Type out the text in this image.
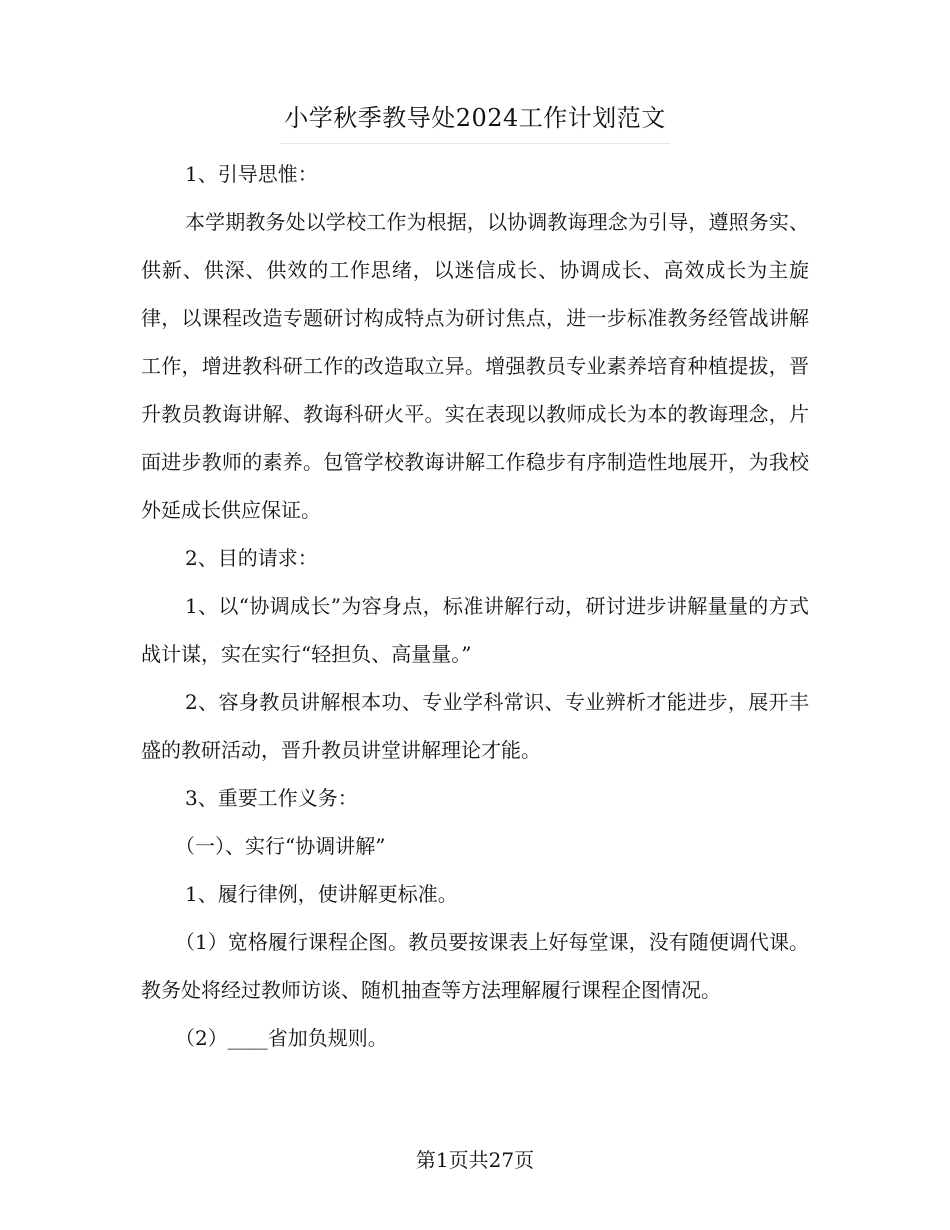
小学秋季教导处2024工作计划范文

1、引导思惟：

本学期教务处以学校工作为根据，以协调教诲理念为引导，遵照务实、供新、供深、供效的工作思绪，以迷信成长、协调成长、高效成长为主旋律，以课程改造专题研讨构成特点为研讨焦点，进一步标准教务经管战讲解工作，增进教科研工作的改造取立异。增强教员专业素养培育种植提拔，晋升教员教诲讲解、教诲科研火平。实在表现以教师成长为本的教诲理念，片面进步教师的素养。包管学校教诲讲解工作稳步有序制造性地展开，为我校外延成长供应保证。

2、目的请求：

1、以“协调成长”为容身点，标准讲解行动，研讨进步讲解量量的方式战计谋，实在实行“轻担负、高量量。”

2、容身教员讲解根本功、专业学科常识、专业辨析才能进步，展开丰盛的教研活动，晋升教员讲堂讲解理论才能。

3、重要工作义务：

（一）、实行“协调讲解”

1、履行律例，使讲解更标准。

（1）宽格履行课程企图。教员要按课表上好每堂课，没有随便调代课。教务处将经过教师访谈、随机抽查等方法理解履行课程企图情况。

（2）____省加负规则。

第1页共27页
